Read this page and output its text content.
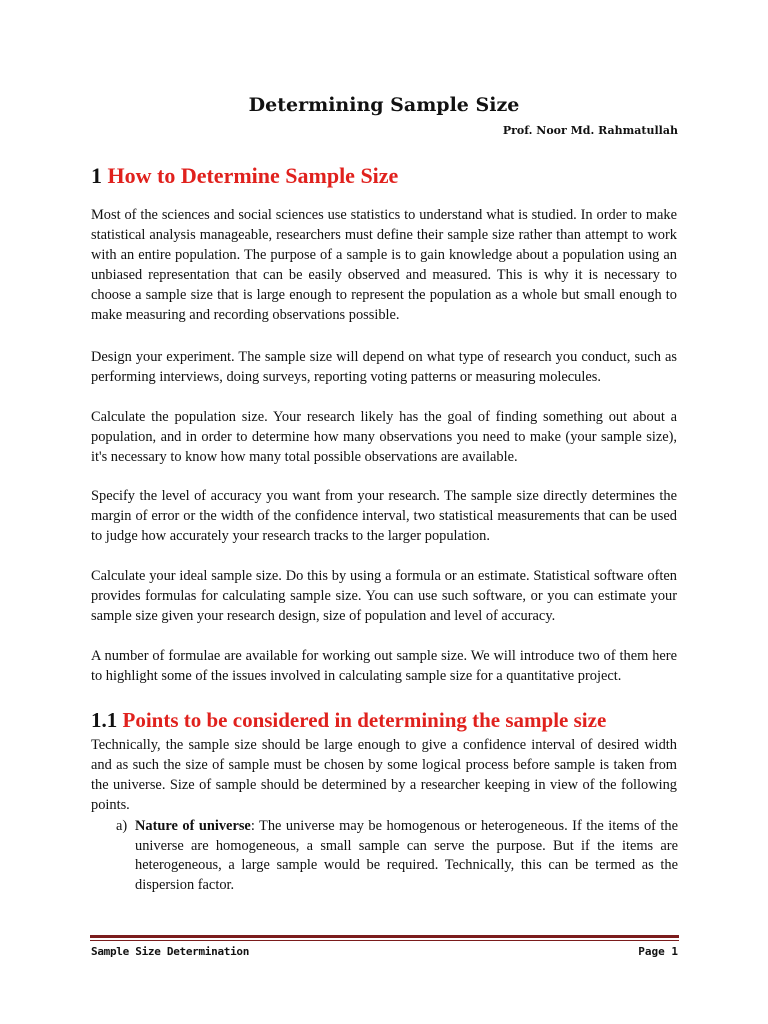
Determining Sample Size
Prof. Noor Md. Rahmatullah
1 How to Determine Sample Size

Most of the sciences and social sciences use statistics to understand what is studied. In order to make statistical analysis manageable, researchers must define their sample size rather than attempt to work with an entire population. The purpose of a sample is to gain knowledge about a population using an unbiased representation that can be easily observed and measured. This is why it is necessary to choose a sample size that is large enough to represent the population as a whole but small enough to make measuring and recording observations possible.

Design your experiment. The sample size will depend on what type of research you conduct, such as performing interviews, doing surveys, reporting voting patterns or measuring molecules.

Calculate the population size. Your research likely has the goal of finding something out about a population, and in order to determine how many observations you need to make (your sample size), it's necessary to know how many total possible observations are available.

Specify the level of accuracy you want from your research. The sample size directly determines the margin of error or the width of the confidence interval, two statistical measurements that can be used to judge how accurately your research tracks to the larger population.

Calculate your ideal sample size. Do this by using a formula or an estimate. Statistical software often provides formulas for calculating sample size. You can use such software, or you can estimate your sample size given your research design, size of population and level of accuracy.

A number of formulae are available for working out sample size. We will introduce two of them here to highlight some of the issues involved in calculating sample size for a quantitative project.

1.1 Points to be considered in determining the sample size

Technically, the sample size should be large enough to give a confidence interval of desired width and as such the size of sample must be chosen by some logical process before sample is taken from the universe. Size of sample should be determined by a researcher keeping in view of the following points.

a) Nature of universe: The universe may be homogenous or heterogeneous. If the items of the universe are homogeneous, a small sample can serve the purpose. But if the items are heterogeneous, a large sample would be required. Technically, this can be termed as the dispersion factor.
Sample Size Determination	Page 1
